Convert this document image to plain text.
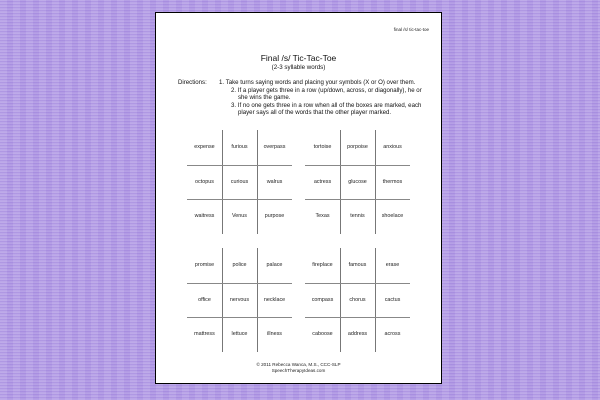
final /s/ tic-tac-toe
Final /s/ Tic-Tac-Toe
(2-3 syllable words)
Directions:	1. Take turns saying words and placing your symbols (X or O) over them.
2. If a player gets three in a row (up/down, across, or diagonally), he or she wins the game.
3. If no one gets three in a row when all of the boxes are marked, each player says all of the words that the other player marked.
expense	furious	overpass
octopus	curious	walrus
waitress	Venus	purpose
tortoise	porpoise	anxious
actress	glucose	thermos
Texas	tennis	shoelace
promise	police	palace
office	nervous	necklace
mattress	lettuce	illness
fireplace	famous	erase
compass	chorus	cactus
caboose	address	across
© 2011 Rebecca Wanca, M.S., CCC-SLP
SpeechTherapyIdeas.com
